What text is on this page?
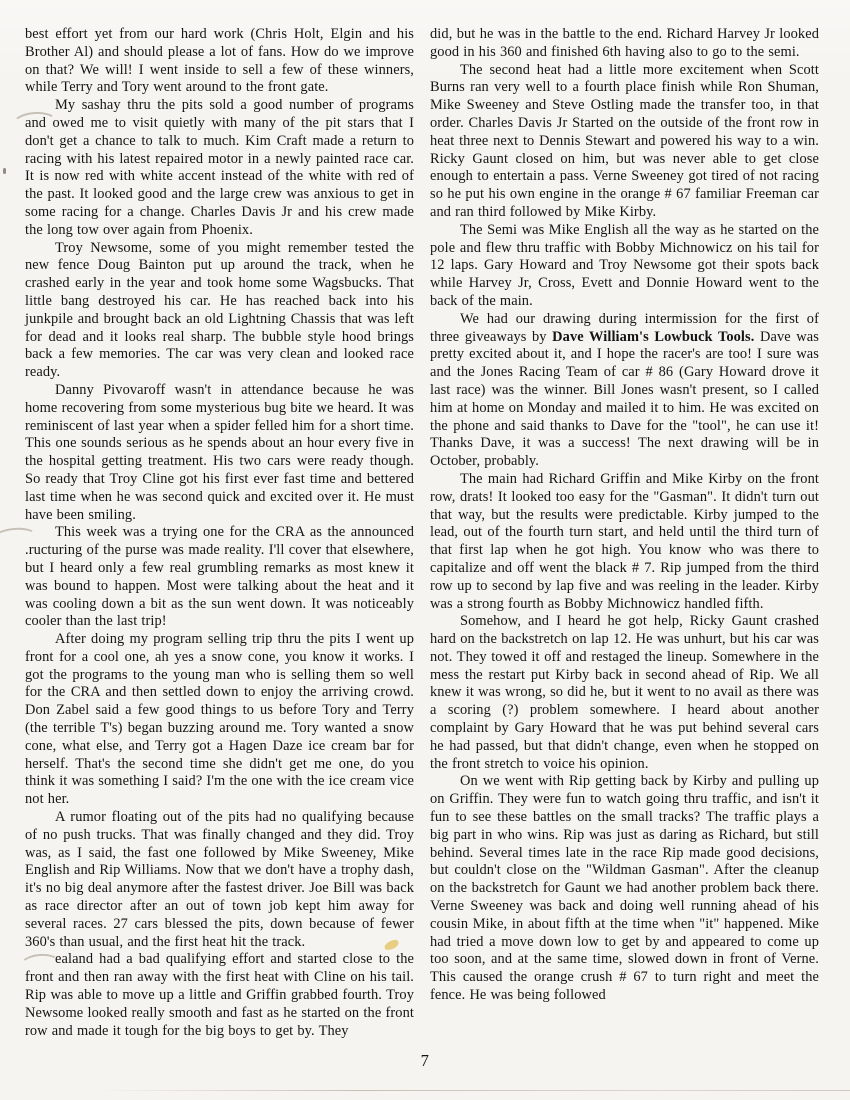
best effort yet from our hard work (Chris Holt, Elgin and his Brother Al) and should please a lot of fans. How do we improve on that? We will! I went inside to sell a few of these winners, while Terry and Tory went around to the front gate.

My sashay thru the pits sold a good number of programs and owed me to visit quietly with many of the pit stars that I don't get a chance to talk to much. Kim Craft made a return to racing with his latest repaired motor in a newly painted race car. It is now red with white accent instead of the white with red of the past. It looked good and the large crew was anxious to get in some racing for a change. Charles Davis Jr and his crew made the long tow over again from Phoenix.

Troy Newsome, some of you might remember tested the new fence Doug Bainton put up around the track, when he crashed early in the year and took home some Wagsbucks. That little bang destroyed his car. He has reached back into his junkpile and brought back an old Lightning Chassis that was left for dead and it looks real sharp. The bubble style hood brings back a few memories. The car was very clean and looked race ready.

Danny Pivovaroff wasn't in attendance because he was home recovering from some mysterious bug bite we heard. It was reminiscent of last year when a spider felled him for a short time. This one sounds serious as he spends about an hour every five in the hospital getting treatment. His two cars were ready though. So ready that Troy Cline got his first ever fast time and bettered last time when he was second quick and excited over it. He must have been smiling.

This week was a trying one for the CRA as the announced .ructuring of the purse was made reality. I'll cover that elsewhere, but I heard only a few real grumbling remarks as most knew it was bound to happen. Most were talking about the heat and it was cooling down a bit as the sun went down. It was noticeably cooler than the last trip!

After doing my program selling trip thru the pits I went up front for a cool one, ah yes a snow cone, you know it works. I got the programs to the young man who is selling them so well for the CRA and then settled down to enjoy the arriving crowd. Don Zabel said a few good things to us before Tory and Terry (the terrible T's) began buzzing around me. Tory wanted a snow cone, what else, and Terry got a Hagen Daze ice cream bar for herself. That's the second time she didn't get me one, do you think it was something I said? I'm the one with the ice cream vice not her.

A rumor floating out of the pits had no qualifying because of no push trucks. That was finally changed and they did. Troy was, as I said, the fast one followed by Mike Sweeney, Mike English and Rip Williams. Now that we don't have a trophy dash, it's no big deal anymore after the fastest driver. Joe Bill was back as race director after an out of town job kept him away for several races. 27 cars blessed the pits, down because of fewer 360's than usual, and the first heat hit the track.

ealand had a bad qualifying effort and started close to the front and then ran away with the first heat with Cline on his tail. Rip was able to move up a little and Griffin grabbed fourth. Troy Newsome looked really smooth and fast as he started on the front row and made it tough for the big boys to get by. They

did, but he was in the battle to the end. Richard Harvey Jr looked good in his 360 and finished 6th having also to go to the semi.

The second heat had a little more excitement when Scott Burns ran very well to a fourth place finish while Ron Shuman, Mike Sweeney and Steve Ostling made the transfer too, in that order. Charles Davis Jr Started on the outside of the front row in heat three next to Dennis Stewart and powered his way to a win. Ricky Gaunt closed on him, but was never able to get close enough to entertain a pass. Verne Sweeney got tired of not racing so he put his own engine in the orange # 67 familiar Freeman car and ran third followed by Mike Kirby.

The Semi was Mike English all the way as he started on the pole and flew thru traffic with Bobby Michnowicz on his tail for 12 laps. Gary Howard and Troy Newsome got their spots back while Harvey Jr, Cross, Evett and Donnie Howard went to the back of the main.

We had our drawing during intermission for the first of three giveaways by Dave William's Lowbuck Tools. Dave was pretty excited about it, and I hope the racer's are too! I sure was and the Jones Racing Team of car # 86 (Gary Howard drove it last race) was the winner. Bill Jones wasn't present, so I called him at home on Monday and mailed it to him. He was excited on the phone and said thanks to Dave for the "tool", he can use it! Thanks Dave, it was a success! The next drawing will be in October, probably.

The main had Richard Griffin and Mike Kirby on the front row, drats! It looked too easy for the "Gasman". It didn't turn out that way, but the results were predictable. Kirby jumped to the lead, out of the fourth turn start, and held until the third turn of that first lap when he got high. You know who was there to capitalize and off went the black # 7. Rip jumped from the third row up to second by lap five and was reeling in the leader. Kirby was a strong fourth as Bobby Michnowicz handled fifth.

Somehow, and I heard he got help, Ricky Gaunt crashed hard on the backstretch on lap 12. He was unhurt, but his car was not. They towed it off and restaged the lineup. Somewhere in the mess the restart put Kirby back in second ahead of Rip. We all knew it was wrong, so did he, but it went to no avail as there was a scoring (?) problem somewhere. I heard about another complaint by Gary Howard that he was put behind several cars he had passed, but that didn't change, even when he stopped on the front stretch to voice his opinion.

On we went with Rip getting back by Kirby and pulling up on Griffin. They were fun to watch going thru traffic, and isn't it fun to see these battles on the small tracks? The traffic plays a big part in who wins. Rip was just as daring as Richard, but still behind. Several times late in the race Rip made good decisions, but couldn't close on the "Wildman Gasman". After the cleanup on the backstretch for Gaunt we had another problem back there. Verne Sweeney was back and doing well running ahead of his cousin Mike, in about fifth at the time when "it" happened. Mike had tried a move down low to get by and appeared to come up too soon, and at the same time, slowed down in front of Verne. This caused the orange crush # 67 to turn right and meet the fence. He was being followed

7
